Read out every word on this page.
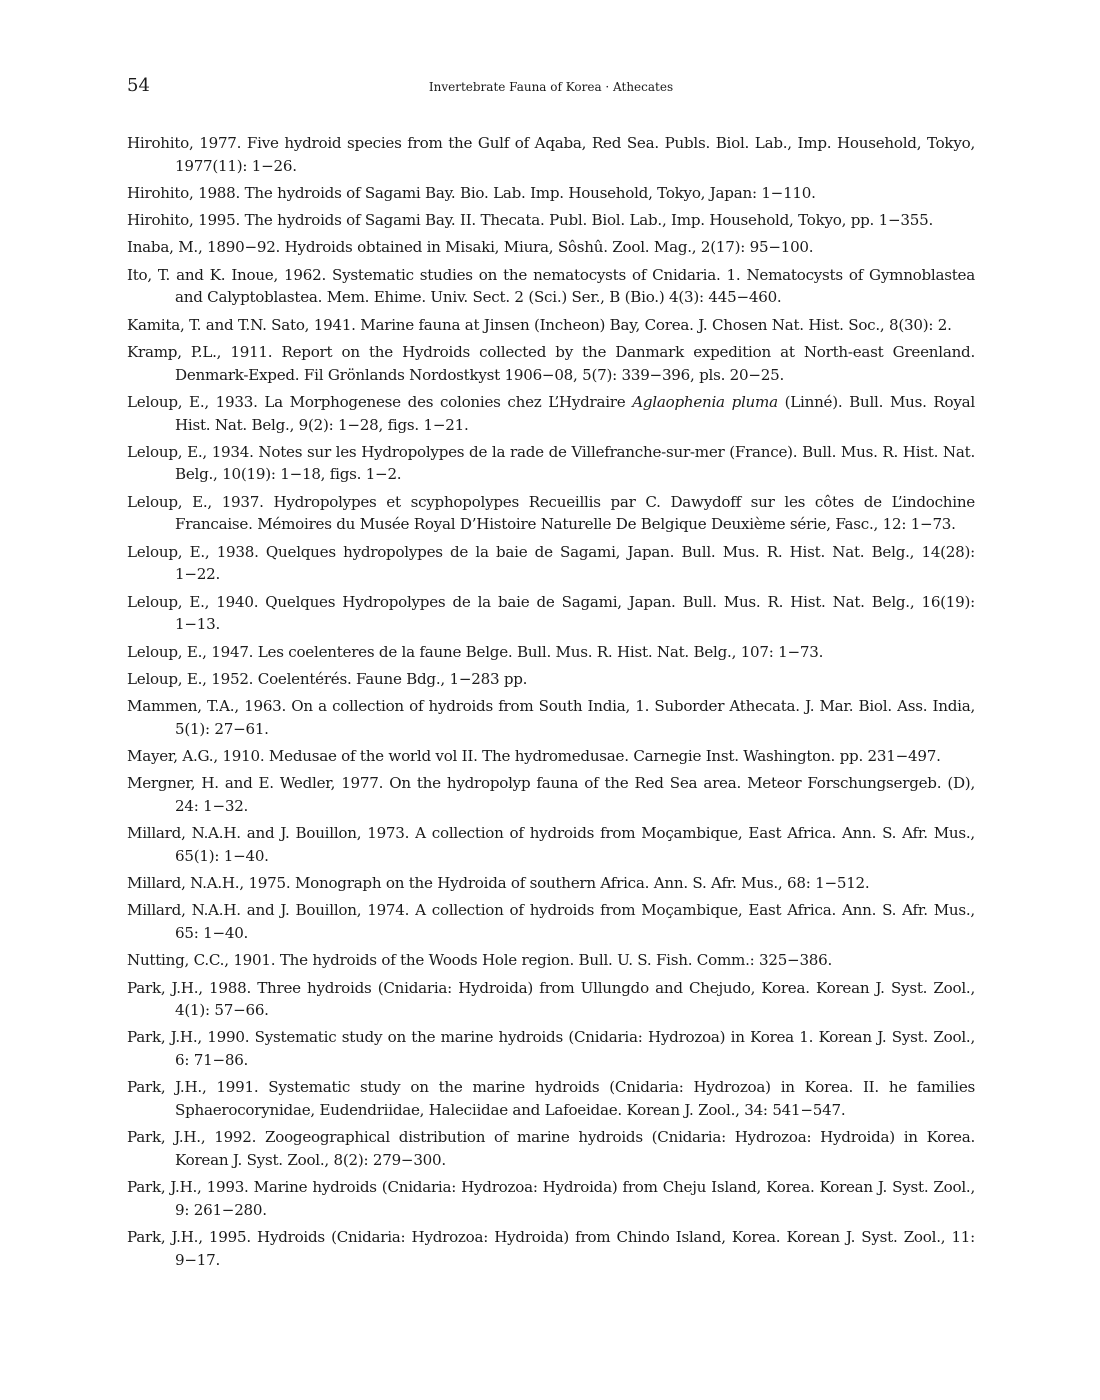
54	Invertebrate Fauna of Korea · Athecates
Hirohito, 1977. Five hydroid species from the Gulf of Aqaba, Red Sea. Publs. Biol. Lab., Imp. Household, Tokyo, 1977(11): 1−26.
Hirohito, 1988. The hydroids of Sagami Bay. Bio. Lab. Imp. Household, Tokyo, Japan: 1−110.
Hirohito, 1995. The hydroids of Sagami Bay. II. Thecata. Publ. Biol. Lab., Imp. Household, Tokyo, pp. 1−355.
Inaba, M., 1890−92. Hydroids obtained in Misaki, Miura, Sôshû. Zool. Mag., 2(17): 95−100.
Ito, T. and K. Inoue, 1962. Systematic studies on the nematocysts of Cnidaria. 1. Nematocysts of Gymnoblastea and Calyptoblastea. Mem. Ehime. Univ. Sect. 2 (Sci.) Ser., B (Bio.) 4(3): 445−460.
Kamita, T. and T.N. Sato, 1941. Marine fauna at Jinsen (Incheon) Bay, Corea. J. Chosen Nat. Hist. Soc., 8(30): 2.
Kramp, P.L., 1911. Report on the Hydroids collected by the Danmark expedition at North-east Greenland. Denmark-Exped. Fil Grönlands Nordostkyst 1906−08, 5(7): 339−396, pls. 20−25.
Leloup, E., 1933. La Morphogenese des colonies chez L’Hydraire Aglaophenia pluma (Linné). Bull. Mus. Royal Hist. Nat. Belg., 9(2): 1−28, figs. 1−21.
Leloup, E., 1934. Notes sur les Hydropolypes de la rade de Villefranche-sur-mer (France). Bull. Mus. R. Hist. Nat. Belg., 10(19): 1−18, figs. 1−2.
Leloup, E., 1937. Hydropolypes et scyphopolypes Recueillis par C. Dawydoff sur les côtes de L’indochine Francaise. Mémoires du Musée Royal D’Histoire Naturelle De Belgique Deuxième série, Fasc., 12: 1−73.
Leloup, E., 1938. Quelques hydropolypes de la baie de Sagami, Japan. Bull. Mus. R. Hist. Nat. Belg., 14(28): 1−22.
Leloup, E., 1940. Quelques Hydropolypes de la baie de Sagami, Japan. Bull. Mus. R. Hist. Nat. Belg., 16(19): 1−13.
Leloup, E., 1947. Les coelenteres de la faune Belge. Bull. Mus. R. Hist. Nat. Belg., 107: 1−73.
Leloup, E., 1952. Coelentérés. Faune Bdg., 1−283 pp.
Mammen, T.A., 1963. On a collection of hydroids from South India, 1. Suborder Athecata. J. Mar. Biol. Ass. India, 5(1): 27−61.
Mayer, A.G., 1910. Medusae of the world vol II. The hydromedusae. Carnegie Inst. Washington. pp. 231−497.
Mergner, H. and E. Wedler, 1977. On the hydropolyp fauna of the Red Sea area. Meteor Forschungsergeb. (D), 24: 1−32.
Millard, N.A.H. and J. Bouillon, 1973. A collection of hydroids from Moçambique, East Africa. Ann. S. Afr. Mus., 65(1): 1−40.
Millard, N.A.H., 1975. Monograph on the Hydroida of southern Africa. Ann. S. Afr. Mus., 68: 1−512.
Millard, N.A.H. and J. Bouillon, 1974. A collection of hydroids from Moçambique, East Africa. Ann. S. Afr. Mus., 65: 1−40.
Nutting, C.C., 1901. The hydroids of the Woods Hole region. Bull. U. S. Fish. Comm.: 325−386.
Park, J.H., 1988. Three hydroids (Cnidaria: Hydroida) from Ullungdo and Chejudo, Korea. Korean J. Syst. Zool., 4(1): 57−66.
Park, J.H., 1990. Systematic study on the marine hydroids (Cnidaria: Hydrozoa) in Korea 1. Korean J. Syst. Zool., 6: 71−86.
Park, J.H., 1991. Systematic study on the marine hydroids (Cnidaria: Hydrozoa) in Korea. II. he families Sphaerocorynidae, Eudendriidae, Haleciidae and Lafoeidae. Korean J. Zool., 34: 541−547.
Park, J.H., 1992. Zoogeographical distribution of marine hydroids (Cnidaria: Hydrozoa: Hydroida) in Korea. Korean J. Syst. Zool., 8(2): 279−300.
Park, J.H., 1993. Marine hydroids (Cnidaria: Hydrozoa: Hydroida) from Cheju Island, Korea. Korean J. Syst. Zool., 9: 261−280.
Park, J.H., 1995. Hydroids (Cnidaria: Hydrozoa: Hydroida) from Chindo Island, Korea. Korean J. Syst. Zool., 11: 9−17.
